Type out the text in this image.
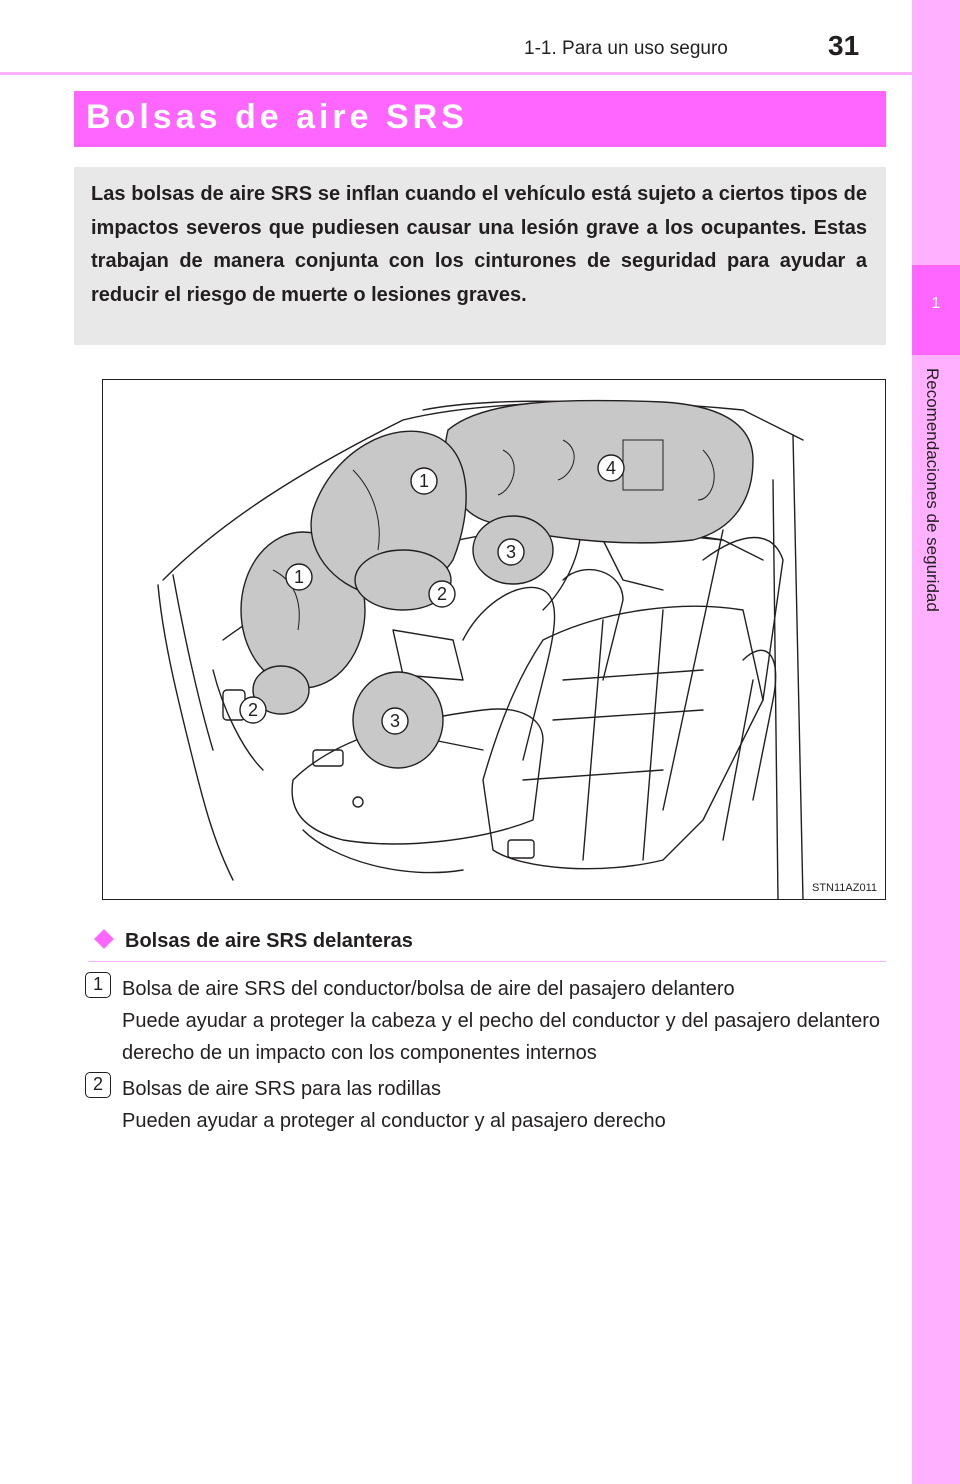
1-1. Para un uso seguro	31
1
Recomendaciones de seguridad
Bolsas de aire SRS

Las bolsas de aire SRS se inflan cuando el vehículo está sujeto a ciertos tipos de impactos severos que pudiesen causar una lesión grave a los ocupantes. Estas trabajan de manera conjunta con los cinturones de seguridad para ayudar a reducir el riesgo de muerte o lesiones graves.

1
1
2
2
3
3
4
STN11AZ011
Bolsas de aire SRS delanteras
1 Bolsa de aire SRS del conductor/bolsa de aire del pasajero delantero

Puede ayudar a proteger la cabeza y el pecho del conductor y del pasajero delantero derecho de un impacto con los componentes internos

2 Bolsas de aire SRS para las rodillas

Pueden ayudar a proteger al conductor y al pasajero derecho
